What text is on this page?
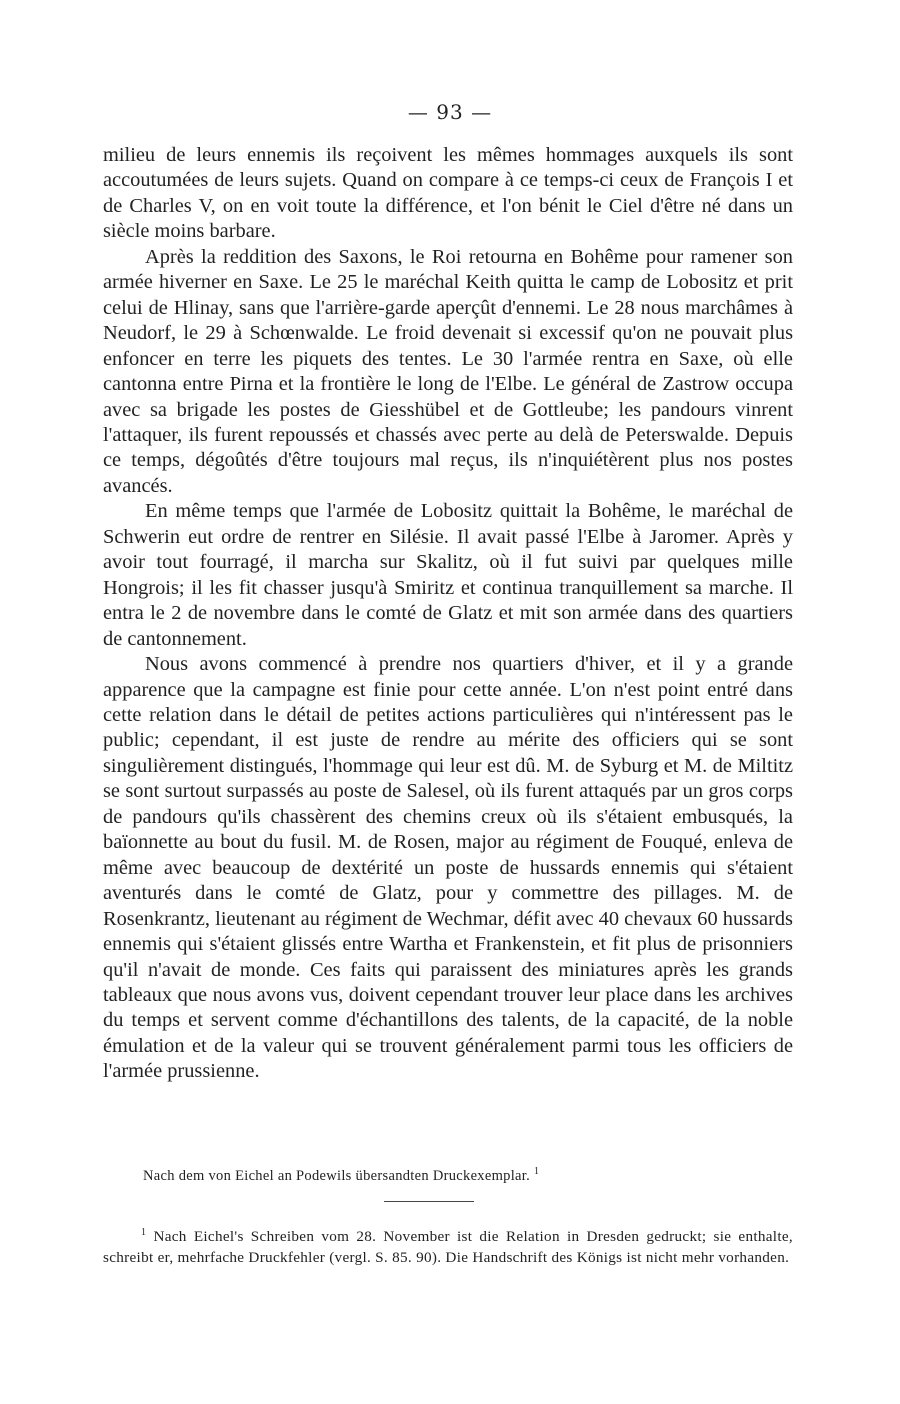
— 93 —

milieu de leurs ennemis ils reçoivent les mêmes hommages auxquels ils sont accoutumées de leurs sujets. Quand on compare à ce temps-ci ceux de François I et de Charles V, on en voit toute la différence, et l'on bénit le Ciel d'être né dans un siècle moins barbare.

Après la reddition des Saxons, le Roi retourna en Bohême pour ramener son armée hiverner en Saxe. Le 25 le maréchal Keith quitta le camp de Lobositz et prit celui de Hlinay, sans que l'arrière-garde aperçût d'ennemi. Le 28 nous marchâmes à Neudorf, le 29 à Schœnwalde. Le froid devenait si excessif qu'on ne pouvait plus enfoncer en terre les piquets des tentes. Le 30 l'armée rentra en Saxe, où elle cantonna entre Pirna et la frontière le long de l'Elbe. Le général de Zastrow occupa avec sa brigade les postes de Giesshübel et de Gottleube; les pandours vinrent l'attaquer, ils furent repoussés et chassés avec perte au delà de Peterswalde. Depuis ce temps, dégoûtés d'être toujours mal reçus, ils n'inquiétèrent plus nos postes avancés.

En même temps que l'armée de Lobositz quittait la Bohême, le maréchal de Schwerin eut ordre de rentrer en Silésie. Il avait passé l'Elbe à Jaromer. Après y avoir tout fourragé, il marcha sur Skalitz, où il fut suivi par quelques mille Hongrois; il les fit chasser jusqu'à Smiritz et continua tranquillement sa marche. Il entra le 2 de novembre dans le comté de Glatz et mit son armée dans des quartiers de cantonnement.

Nous avons commencé à prendre nos quartiers d'hiver, et il y a grande apparence que la campagne est finie pour cette année. L'on n'est point entré dans cette relation dans le détail de petites actions particulières qui n'intéressent pas le public; cependant, il est juste de rendre au mérite des officiers qui se sont singulièrement distingués, l'hommage qui leur est dû. M. de Syburg et M. de Miltitz se sont surtout surpassés au poste de Salesel, où ils furent attaqués par un gros corps de pandours qu'ils chassèrent des chemins creux où ils s'étaient embusqués, la baïonnette au bout du fusil. M. de Rosen, major au régiment de Fouqué, enleva de même avec beaucoup de dextérité un poste de hussards ennemis qui s'étaient aventurés dans le comté de Glatz, pour y commettre des pillages. M. de Rosenkrantz, lieutenant au régiment de Wechmar, défit avec 40 chevaux 60 hussards ennemis qui s'étaient glissés entre Wartha et Frankenstein, et fit plus de prisonniers qu'il n'avait de monde. Ces faits qui paraissent des miniatures après les grands tableaux que nous avons vus, doivent cependant trouver leur place dans les archives du temps et servent comme d'échantillons des talents, de la capacité, de la noble émulation et de la valeur qui se trouvent généralement parmi tous les officiers de l'armée prussienne.

Nach dem von Eichel an Podewils übersandten Druckexemplar. $^1$
$^1$ Nach Eichel's Schreiben vom 28. November ist die Relation in Dresden gedruckt; sie enthalte, schreibt er, mehrfache Druckfehler (vergl. S. 85. 90). Die Handschrift des Königs ist nicht mehr vorhanden.
